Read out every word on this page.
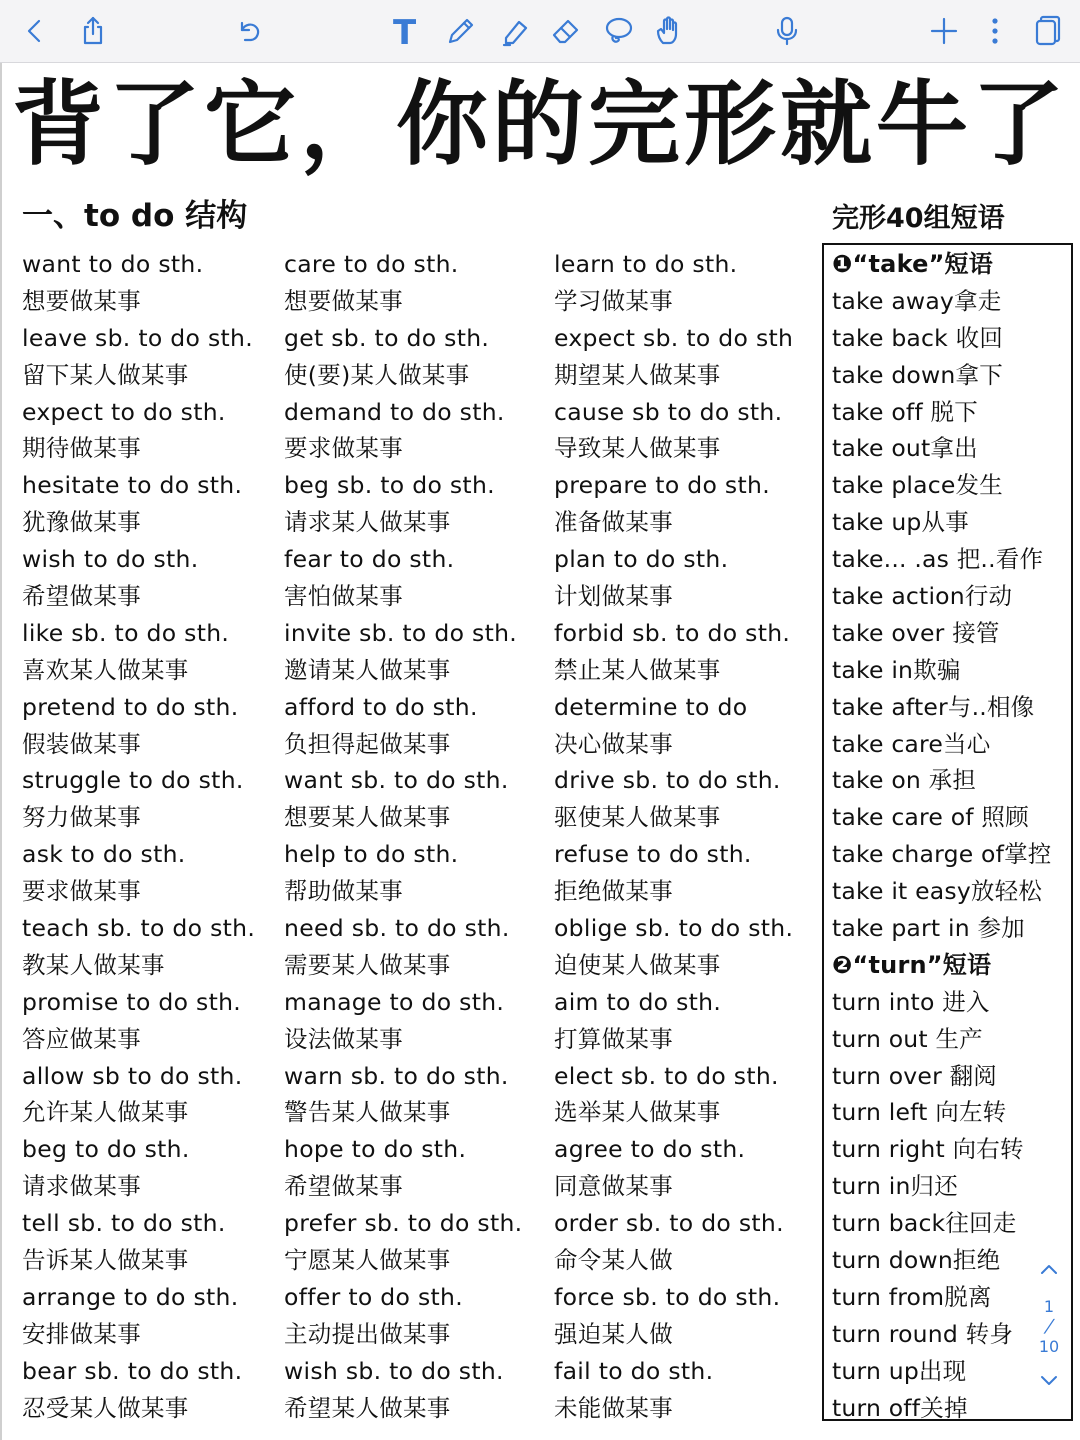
T
背了它，你的完形就牛了
一、to do 结构	完形40组短语
want to do sth.
想要做某事
leave sb. to do sth.
留下某人做某事
expect to do sth.
期待做某事
hesitate to do sth.
犹豫做某事
wish to do sth.
希望做某事
like sb. to do sth.
喜欢某人做某事
pretend to do sth.
假装做某事
struggle to do sth.
努力做某事
ask to do sth.
要求做某事
teach sb. to do sth.
教某人做某事
promise to do sth.
答应做某事
allow sb to do sth.
允许某人做某事
beg to do sth.
请求做某事
tell sb. to do sth.
告诉某人做某事
arrange to do sth.
安排做某事
bear sb. to do sth.
忍受某人做某事
care to do sth.
想要做某事
get sb. to do sth.
使(要)某人做某事
demand to do sth.
要求做某事
beg sb. to do sth.
请求某人做某事
fear to do sth.
害怕做某事
invite sb. to do sth.
邀请某人做某事
afford to do sth.
负担得起做某事
want sb. to do sth.
想要某人做某事
help to do sth.
帮助做某事
need sb. to do sth.
需要某人做某事
manage to do sth.
设法做某事
warn sb. to do sth.
警告某人做某事
hope to do sth.
希望做某事
prefer sb. to do sth.
宁愿某人做某事
offer to do sth.
主动提出做某事
wish sb. to do sth.
希望某人做某事
learn to do sth.
学习做某事
expect sb. to do sth
期望某人做某事
cause sb to do sth.
导致某人做某事
prepare to do sth.
准备做某事
plan to do sth.
计划做某事
forbid sb. to do sth.
禁止某人做某事
determine to do
决心做某事
drive sb. to do sth.
驱使某人做某事
refuse to do sth.
拒绝做某事
oblige sb. to do sth.
迫使某人做某事
aim to do sth.
打算做某事
elect sb. to do sth.
选举某人做某事
agree to do sth.
同意做某事
order sb. to do sth.
命令某人做
force sb. to do sth.
强迫某人做
fail to do sth.
未能做某事
❶“take”短语
take away拿走
take back 收回
take down拿下
take off 脱下
take out拿出
take place发生
take up从事
take... .as 把..看作
take action行动
take over 接管
take in欺骗
take after与..相像
take care当心
take on 承担
take care of 照顾
take charge of掌控
take it easy放轻松
take part in 参加
❷“turn”短语
turn into 进入
turn out 生产
turn over 翻阅
turn left 向左转
turn right 向右转
turn in归还
turn back往回走
turn down拒绝
turn from脱离
turn round 转身
turn up出现
turn off关掉
1
/
10
